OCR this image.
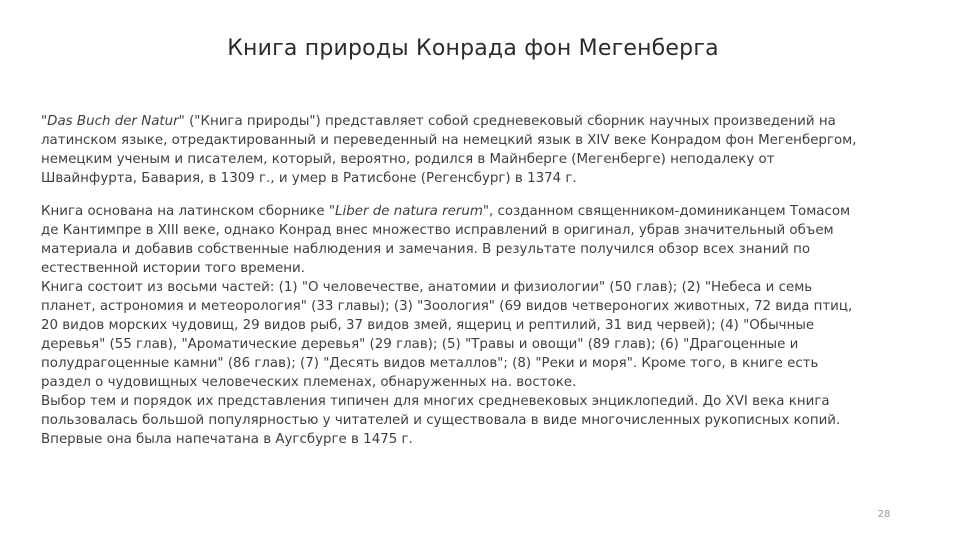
Книга природы Конрада фон Мегенберга

"Das Buch der Natur" ("Книга природы") представляет собой средневековый сборник научных произведений на латинском языке, отредактированный и переведенный на немецкий язык в XIV веке Конрадом фон Мегенбергом, немецким ученым и писателем, который, вероятно, родился в Майнберге (Мегенберге) неподалеку от Швайнфурта, Бавария, в 1309 г., и умер в Ратисбоне (Регенсбург) в 1374 г.

Книга основана на латинском сборнике "Liber de natura rerum", созданном священником-доминиканцем Томасом де Кантимпре в XIII веке, однако Конрад внес множество исправлений в оригинал, убрав значительный объем материала и добавив собственные наблюдения и замечания. В результате получился обзор всех знаний по естественной истории того времени.

Книга состоит из восьми частей: (1) "О человечестве, анатомии и физиологии" (50 глав); (2) "Небеса и семь планет, астрономия и метеорология" (33 главы); (3) "Зоология" (69 видов четвероногих животных, 72 вида птиц, 20 видов морских чудовищ, 29 видов рыб, 37 видов змей, ящериц и рептилий, 31 вид червей); (4) "Обычные деревья" (55 глав), "Ароматические деревья" (29 глав); (5) "Травы и овощи" (89 глав); (6) "Драгоценные и полудрагоценные камни" (86 глав); (7) "Десять видов металлов"; (8) "Реки и моря". Кроме того, в книге есть раздел о чудовищных человеческих племенах, обнаруженных на. востоке.

Выбор тем и порядок их представления типичен для многих средневековых энциклопедий. До XVI века книга пользовалась большой популярностью у читателей и существовала в виде многочисленных рукописных копий. Впервые она была напечатана в Аугсбурге в 1475 г.

28
